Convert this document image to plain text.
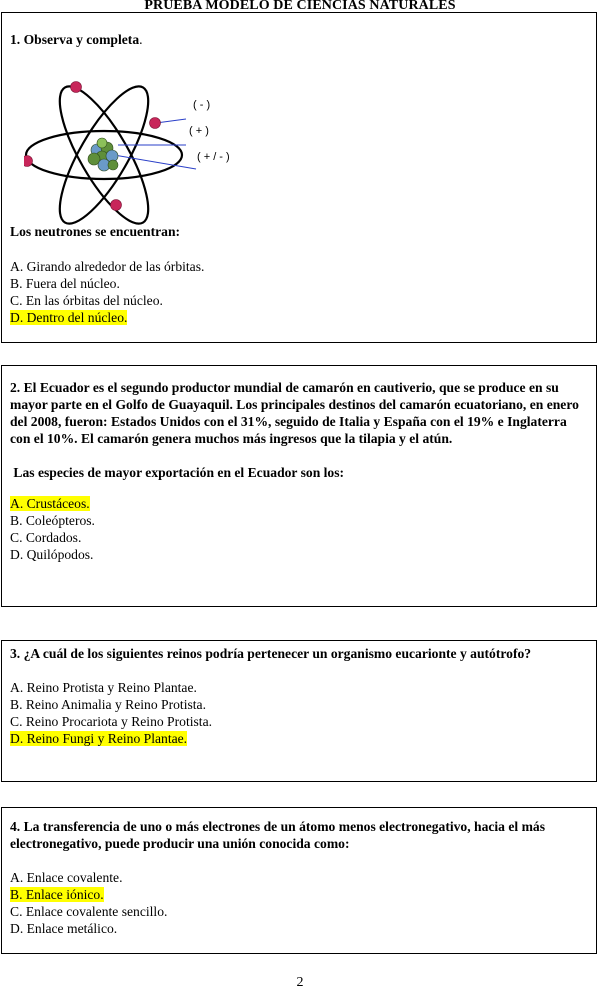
PRUEBA MODELO DE CIENCIAS NATURALES

1. Observa y completa.

( - )
( + )
( + / - )

Los neutrones se encuentran:

A. Girando alrededor de las órbitas.

B. Fuera del núcleo.

C. En las órbitas del núcleo.

D. Dentro del núcleo.

2. El Ecuador es el segundo productor mundial de camarón en cautiverio, que se produce en su mayor parte en el Golfo de Guayaquil. Los principales destinos del camarón ecuatoriano, en enero del 2008, fueron: Estados Unidos con el 31%, seguido de Italia y España con el 19% e Inglaterra con el 10%. El camarón genera muchos más ingresos que la tilapia y el atún.

Las especies de mayor exportación en el Ecuador son los:

A. Crustáceos.

B. Coleópteros.

C. Cordados.

D. Quilópodos.

3. ¿A cuál de los siguientes reinos podría pertenecer un organismo eucarionte y autótrofo?

A. Reino Protista y Reino Plantae.

B. Reino Animalia y Reino Protista.

C. Reino Procariota y Reino Protista.

D. Reino Fungi y Reino Plantae.

4. La transferencia de uno o más electrones de un átomo menos electronegativo, hacia el más electronegativo, puede producir una unión conocida como:

A. Enlace covalente.

B. Enlace iónico.

C. Enlace covalente sencillo.

D. Enlace metálico.

2
